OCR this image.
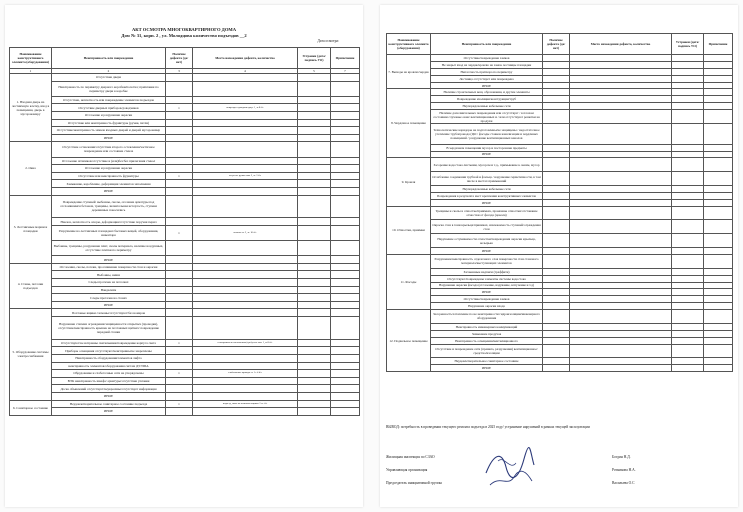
АКТ ОСМОТРА МНОГОКВАРТИРНОГО ДОМА
Дом № 31, корп. 2 , ул. Молодцова количество подъездов __2
Дата осмотра:
Наименование конструктивного элемента (оборудования)	Неисправность или повреждение	Наличие дефекта (да/нет)	Место нахождения дефекта, количество	Устранен (дата/подпись УО)	Примечание
1	2	3	4	5	7
1. Входная дверь на лестничную клетку, вход в помещения, дверь в мусорокамеру	Отсутствие двери				
	Неисправность по периметру дверного коробки/полотна; приплавки по периметру двери к коробке				
	Отсутствие, неплотность или повреждение элементов подъездов				
	Отсутствие дверных приборов/доводчиков	1	поврежден доводчик двер. 1, эт.8 б/с		
	Отслоение и разрушение окраски				
	Отсутствие или неисправность фурнитуры (ручки, петли)				
	Отсутствие/неисправность замков входных дверей и дверей мусорокамер				
	ИНОЕ				
2. Окна	Отсутствие остекления/отсутствие второго остекления/частичное повреждение или состояние стекла				
	Отслоение штапиков/отсутствие и (или)без/без прилегания стекол				
	Отслоение и разрушение окраски				
	Отсутствие или неисправность фурнитуры	1	отсутств. ручки окна 2, эт. 3 б/с		
	Замыкание, коробление, деформация элементов заполнения				
	ИНОЕ				
3. Лестничные марши и площадки	Повреждение ступеней: выбоины, сколы, оголение арматуры под отслоившимся бетоном, трещины, значительная истертость, ступени деревянные покосились				
	Наклон, неплотность опоры, деформация/отсутствие поручня перил				
	Разрушение на лестничных площадках бытовых вещей, оборудования, инвентаря	1	коляска эт. 2, эт. 10 б/с		
	Выбоины, трещины, разрушение плит, сколы материала, наличие воздушных, отсутствие плитки по периметру				
	ИНОЕ				
4. Стены, потолки подъездов	Отслоения, сколы, потеки, просачивание поверхности стен и окраски				
	Выбоины, ниши				
	Следы протечек на потолках				
	Вандализм				
	Следы протечек на стенах				
	ИНОЕ				
5. Оборудование системы электроснабжения	Почтовые ящики сломаны/отсутствуют/без номеров				
	Нарушение степени ограждения/защищенности открытых (проводки), отсутствие/неисправность крышек на поэтажных щитках/ повреждение передней стенки				
	Отсутствуют/не исправны светильники/повреждение корпуса света	1	неисправность светильника (требуется лам. 1, эт.8 б/с		
	Приборы освещения отсутствуют/неисправны/не закреплены				
	Неисправность оборудования/элементов лифта				
	неисправность элементов/оборудования систем ДУ/ППА				
	Обрудование и слаботочные сети не упорядочены	1	слаботочные провода эт. 1 с 4 б/с		
	ВЭК неисправность шкафа/ арматуры/отсутствие уплавки				
	Доска объявлений отсутствует/неукрасивы/отсутствует информация				
	ИНОЕ				
6. Санитарное состояние	Неудовлетворительное санитарное состояние подъезда	1	подъезд, пыль на почтовых ящиках 2 эт. б/с		
	ИНОЕ				
Наименование конструктивного элемента (оборудования)	Неисправность или повреждение	Наличие дефекта (да/нет)	Место нахождения дефекта, количество	Устранен (дата/подпись УО)	Примечание
7. Выходы на кровлю/чердак	Отсутствие/повреждение замков				
	Не закрыт вход на чердак/кровлю на замок лестницы площадки				
	Неплотность притвора по периметру				
	Лестница отсутствует или повреждена				
	ИНОЕ				
8. Чердачное помещение	Наличие строительных вещ. образования, и другие элементы				
	Повреждение изоляции/конструкции/труб				
	Неупорядоченные кабельные сети				
	Наличие дополнительных повреждения или отсутствует / в плохом состоянии слуховые окна/ вентиляционных и / или отсутствуют решетки на продухи				
	Технологические коридоры не подготовлены/не защищены / недостаточное утепление трубопровода (ЦО / фасады стояков канализации и чердачных помещений / разрушение вентиляционных каналов				
	В чердачном помещении мусор и посторонние предметы				
	ИНОЕ				
9. Кровля	Засорение водостока листьями, мусором и т.д., примыкание к окнам, мусор				
	Ослабление соединения трубной и фальца / нарушение герметичности, в том числе в местах примыканий				
	Неупорядоченные кабельные сети				
	Повреждения в результате мест крепления конструктивных элементов				
	ИНОЕ				
10. Отмостки, приямки	Трещины и сколы в отмостке/приямках, промоины отмостки/отставание отмостки от фасада (цоколя)				
	Окраска стен в тени крыльца/приямках, извлекаемость ступеней/ограждения стен				
	Нарушение остукиваемости отмостки/повреждения окраски крыльца, козырька				
	ИНОЕ				
11. Фасады	Разрушение/неисправность отделочного слоя поверхности стен стенового материала/выступающих элементов				
	Загаженные надписи (граффити)				
	Отсутствуют/повреждены элементы системы водостока				
	Нарушение окраски фасада (отслоение, вздувание, вспучение и т.д)				
	ИНОЕ				
	Отсутствие/повреждение замков				
	Нарушение окраски входа				
12. Подвальное помещение	Засоренность/затопление по не неисправности гидроизоляции/инженерного оборудования				
	Неисправность инженерных коммуникаций				
	Замыкание продухов				
	Неисправность освещения/вентиляционного				
	Отсутствие и повреждение сети (правила, разрушения) вентиляционное/средство/изоляции				
	Неудовлетворительное санитарное состояние				
	ИНОЕ				
ВЫВОД: потребность в проведении текущего ремонта подъезда в 2025 году/ устранение нарушений в рамках текущей эксплуатации
Жилищная инспекция по СЗАО	Богдин Н.Д.
Управляющая организация	Ротникова Н.А.
Председатель инициативной группы	Васильева О.С
